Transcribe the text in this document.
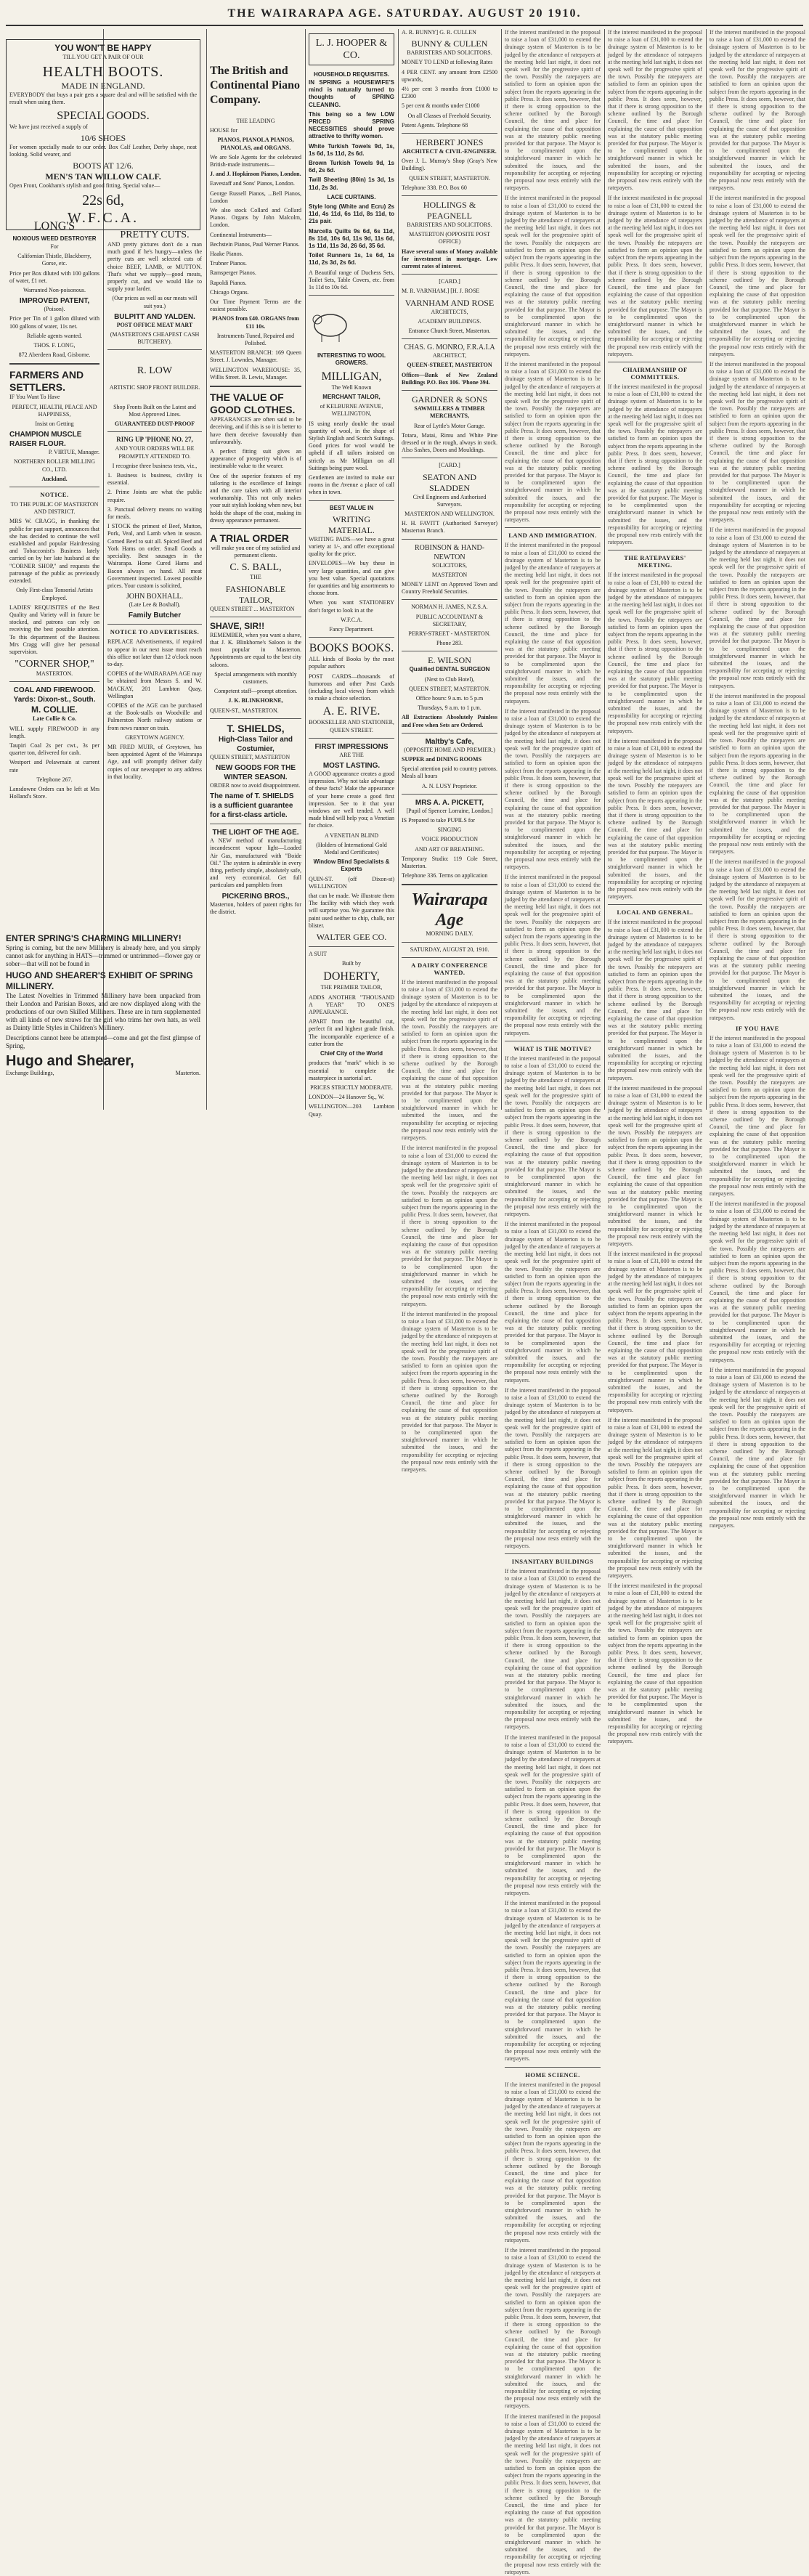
THE WAIRARAPA AGE. SATURDAY. AUGUST 20 1910.
YOU WON'T BE HAPPY
TILL YOU GET A PAIR OF OUR
HEALTH BOOTS.
MADE IN ENGLAND.
EVERYBODY that buys a pair gets a square deal and will be satisfied with the result when using them.
SPECIAL GOODS.
We have just received a supply of
10/6 SHOES
For women specially made to our order. Box Calf Leather, Derby shape, neat looking. Solid wearer, and
BOOTS AT 12/6.
MEN'S TAN WILLOW CALF.
Open Front, Cookham's stylish and good fitting, Special value—
22s 6d,
W.F.C.A.
LONG'S
NOXIOUS WEED DESTROYER
For
Californian Thistle, Blackberry, Gorse, etc.
Price per Box diluted with 100 gallons of water, £1 net.
Warranted Non-poisonous.
IMPROVED PATENT,
(Poison).
Price per Tin of 1 gallon diluted with 100 gallons of water, 11s net.
Reliable agents wanted.
THOS. F. LONG,
872 Aberdeen Road, Gisborne.
FARMERS AND SETTLERS.
IF You Want To Have
PERFECT, HEALTH, PEACE AND HAPPINESS,
Insist on Getting
CHAMPION MUSCLE RAISER FLOUR.
P. VIRTUE, Manager.
NORTHERN ROLLER MILLING CO., LTD.
Auckland.
NOTICE.
TO THE PUBLIC OF MASTERTON AND DISTRICT.
MRS W. CRAGG, in thanking the public for past support, announces that she has decided to continue the well established and popular Hairdressing and Tobacconist's Business lately carried on by her late husband at the "CORNER SHOP," and requests the patronage of the public as previously extended.
Only First-class Tonsorial Artists Employed.
LADIES' REQUISITES of the Best Quality and Variety will in future be stocked, and patrons can rely on receiving the best possible attention. To this department of the Business Mrs Cragg will give her personal supervision.
"CORNER SHOP,"
MASTERTON.
COAL AND FIREWOOD.
Yards: Dixon-st., South.
M. COLLIE.
Late Collie & Co.
WILL supply FIREWOOD in any length.
Taupiri Coal 2s per cwt., 3s per quarter ton, delivered for cash.
Westport and Pelawmain at current rate
Telephone 267.
Lansdowne Orders can be left at Mrs Holland's Store.
ENTER SPRING'S CHARMING MILLINERY!
Spring is coming, but the new Millinery is already here, and you simply cannot ask for anything in HATS—trimmed or untrimmed—flower gay or sober—that will not be found in
HUGO AND SHEARER'S EXHIBIT OF SPRING MILLINERY.
The Latest Novelties in Trimmed Millinery have been unpacked from their London and Parisian Boxes, and are now displayed along with the productions of our own Skilled Milliners. These are in turn supplemented with all kinds of new straws for the girl who trims her own hats, as well as Dainty little Styles in Children's Millinery.
Descriptions cannot here be attempted—come and get the first glimpse of Spring,
Hugo and Shearer,
Exchange Buildings,	Masterton.
PRETTY CUTS.
AND pretty pictures don't do a man much good if he's hungry—unless the pretty cuts are well selected cuts of choice BEEF, LAMB, or MUTTON. That's what we supply—good meats, properly cut, and we would like to supply your larder.
(Our prices as well as our meats will suit you.)
BULPITT AND YALDEN.
POST OFFICE MEAT MART
(MASTERTON'S CHEAPEST CASH BUTCHERY).
R. LOW
ARTISTIC SHOP FRONT BUILDER.
Shop Fronts Built on the Latest and Most Approved Lines.
GUARANTEED DUST-PROOF
RING UP 'PHONE NO. 27,
AND YOUR ORDERS WILL BE PROMPTLY ATTENDED TO.
I recognise three business tests, viz.,
1. Business is business, civility is essential.
2. Prime Joints are what the public require.
3. Punctual delivery means no waiting for meals.
I STOCK the primest of Beef, Mutton, Pork, Veal, and Lamb when in season. Corned Beef to suit all. Spiced Beef and York Hams on order. Small Goods a speciality. Best sausages in the Wairarapa. Home Cured Hams and Bacon always on hand. All meat Government inspected. Lowest possible prices. Your custom is solicited,
JOHN BOXHALL.
(Late Lee & Boxhall).
Family Butcher
NOTICE TO ADVERTISERS.
REPLACE Advertisements, if required to appear in our next issue must reach this office not later than 12 o'clock noon to-day.
COPIES of the WAIRARAPA AGE may be obtained from Messrs S. and W. MACKAY, 201 Lambton Quay, Wellington
COPIES of the AGE can be purchased at the Book-stalls on Woodville and Palmerston North railway stations or from news runner on train.
GREYTOWN AGENCY.
MR FRED MUIR, of Greytown, has been appointed Agent of the Wairarapa Age, and will promptly deliver daily copies of our newspaper to any address in that locality.
The British and Continental Piano Company.
THE LEADING
HOUSE for
PIANOS, PIANOLA PIANOS, PIANOLAS, and ORGANS.
We are Sole Agents for the celebrated British-made instruments—
J. and J. Hopkinson Pianos, London.
Eavestaff and Sons' Pianos, London.
George Russell Pianos, ...Bell Pianos, London
We also stock Collard and Collard Pianos. Organs by John Malcolm, London.
Continental Instruments—
Bechstein Pianos, Paul Werner Pianos.
Haake Pianos.
Trubner Pianos.
Ramsperger Pianos.
Rapoldi Pianos.
Chicago Organs.
Our Time Payment Terms are the easiest possible.
PIANOS from £40. ORGANS from £11 10s.
Instruments Tuned, Repaired and Polished.
MASTERTON BRANCH: 169 Queen Street. J. Lowndes, Manager.
WELLINGTON WAREHOUSE: 35, Willis Street. B. Lewis, Manager.
THE VALUE OF GOOD CLOTHES.
APPEARANCES are often said to be deceiving, and if this is so it is better to have them deceive favourably than unfavourably.
A perfect fitting suit gives an appearance of prosperity which is of inestimable value to the wearer.
One of the superior features of my tailoring is the excellence of linings and the care taken with all interior workmanship. This not only makes your suit stylish looking when new, but holds the shape of the coat, making its dressy appearance permanent.
A TRIAL ORDER
will make you one of my satisfied and permanent clients.
C. S. BALL,
THE
FASHIONABLE TAILOR,
QUEEN STREET ... MASTERTON
SHAVE, SIR!!
REMEMBER, when you want a shave, that J. K. Blinkhorne's Saloon is the most popular in Masterton. Appointments are equal to the best city saloons.
Special arrangements with monthly customers.
Competent staff—prompt attention.
J. K. BLINKHORNE,
QUEEN-ST., MASTERTON.
T. SHIELDS,
High-Class Tailor and Costumier,
QUEEN STREET, MASTERTON
NEW GOODS FOR THE WINTER SEASON.
ORDER now to avoid disappointment.
The name of T. SHIELDS is a sufficient guarantee for a first-class article.
THE LIGHT OF THE AGE.
A NEW method of manufacturing incandescent vapour light—Loaded Air Gas, manufactured with "Boide Oil." The system is admirable in every thing, perfectly simple, absolutely safe, and very economical. Get full particulars and pamphlets from
PICKERING BROS.,
Masterton, holders of patent rights for the district.
L. J. HOOPER & CO.
HOUSEHOLD REQUISITES.
IN SPRING a HOUSEWIFE'S mind is naturally turned to thoughts of SPRING CLEANING.
This being so a few LOW PRICED SPRING NECESSITIES should prove attractive to thrifty women.
White Turkish Towels 9d, 1s, 1s 6d, 1s 11d, 2s 6d.
Brown Turkish Towels 9d, 1s 6d, 2s 6d.
Twill Sheeting (80in) 1s 3d, 1s 11d, 2s 3d.
LACE CURTAINS.
Style long (White and Ecru) 2s 11d, 4s 11d, 6s 11d, 8s 11d, to 21s pair.
Marcella Quilts 9s 6d, 6s 11d, 8s 11d, 10s 6d, 11s 9d, 11s 6d, 1s 11d, 11s 3d, 26 6d, 35 6d.
Toilet Runners 1s, 1s 6d, 1s 11d, 2s 3d, 2s 6d.
A Beautiful range of Duchess Sets, Toilet Sets, Table Covers, etc. from 1s 11d to 10s 6d.
INTERESTING TO WOOL GROWERS.
MILLIGAN,
The Well Known
MERCHANT TAILOR,
of KELBURNE AVENUE, WELLINGTON,
IS using nearly double the usual quantity of wool, in the shape of Stylish English and Scotch Suitings. Good prices for wool would be upheld if all tailors insisted on strictly as Mr Milligan on all Suitings being pure wool.
Gentlemen are invited to make our rooms in the Avenue a place of call when in town.
BEST VALUE IN
WRITING MATERIAL.
WRITING PADS—we have a great variety at 1/-, and offer exceptional quality for the price.
ENVELOPES—We buy these in very large quantities, and can give you best value. Special quotations for quantities and big assortments to choose from.
When you want STATIONERY don't forget to look in at the
W.F.C.A.
Fancy Department.
BOOKS BOOKS.
ALL kinds of Books by the most popular authors
POST CARDS—thousands of humorous and other Post Cards (including local views) from which to make a choice selection.
A. E. RIVE.
BOOKSELLER AND STATIONER, QUEEN STREET.
FIRST IMPRESSIONS
ARE THE
MOST LASTING.
A GOOD appearance creates a good impression. Why not take advantage of these facts? Make the appearance of your home create a good first impression. See to it that your windows are well tended. A well made blind will help you; a Venetian for choice.
A VENETIAN BLIND
(Holders of International Gold Medal and Certificates)
Window Blind Specialists & Experts
QUIN-ST. (off Dixon-st) WELLINGTON
that can be made. We illustrate them The facility with which they work will surprise you. We guarantee this paint used neither to chip, chalk, nor blister.
WALTER GEE CO.
A SUIT
Built by
DOHERTY,
THE PREMIER TAILOR,
ADDS ANOTHER "THOUSAND A YEAR" TO ONE'S APPEARANCE.
APART from the beautiful cut, perfect fit and highest grade finish. The incomparable experience of a cutter from the
Chief City of the World
produces that "mark" which is so essential to complete the masterpiece in sartorial art.
PRICES STRICTLY MODERATE.
LONDON—24 Hanover Sq., W.
WELLINGTON—203 Lambton Quay.
A. R. BUNNY] G. R. CULLEN
BUNNY & CULLEN
BARRISTERS AND SOLICITORS.
MONEY TO LEND at following Rates
4 PER CENT. any amount from £2500 upwards,
4½ per cent 3 months from £1000 to £2300
5 per cent & months under £1000
On all Classes of Freehold Security.
Patent Agents. Telephone 68
HERBERT JONES
ARCHITECT & CIVIL-ENGINEER.
Over J. L. Murray's Shop (Gray's New Building).
QUEEN STREET, MASTERTON.
Telephone 338. P.O. Box 60
HOLLINGS & PEAGNELL
BARRISTERS AND SOLICITORS.
MASTERTON (OPPOSITE POST OFFICE)
Have several sums of Money available for investment in mortgage. Low current rates of interest.
[CARD.]
M. R. VARNHAM.] [H. J. ROSE
VARNHAM AND ROSE
ARCHITECTS,
ACADEMY BUILDINGS.
Entrance Church Street, Masterton.
CHAS. G. MONRO, F.R.A.I.A
ARCHITECT,
QUEEN-STREET, MASTERTON
Offices—Bank of New Zealand Buildings P.O. Box 106. 'Phone 394.
GARDNER & SONS
SAWMILLERS & TIMBER MERCHANTS,
Rear of Lyttle's Motor Garage.
Totara, Matai, Rimu and White Pine dressed or in the rough, always in stock. Also Sashes, Doors and Mouldings.
[CARD.]
SEATON AND SLADDEN
Civil Engineers and Authorised Surveyors.
MASTERTON AND WELLINGTON.
H. H. FAVITT (Authorised Surveyor) Masterton Branch.
ROBINSON & HAND-NEWTON
SOLICITORS,
MASTERTON
MONEY LENT on Approved Town and Country Freehold Securities.
NORMAN H. JAMES, N.Z.S.A.
PUBLIC ACCOUNTANT & SECRETARY,
PERRY-STREET - MASTERTON.
Phone 283.
E. WILSON
Qualified DENTAL SURGEON
(Next to Club Hotel),
QUEEN STREET, MASTERTON.
Office hours: 9 a.m. to 5 p.m
Thursdays, 9 a.m. to 1 p.m.
All Extractions Absolutely Painless and Free when Sets are Ordered.
Maltby's Cafe,
(OPPOSITE HOME AND PREMIER.)
SUPPER and DINING ROOMS
Special attention paid to country patrons. Meals all hours
A. N. LUSY Proprietor.
MRS A. A. PICKETT,
[Pupil of Spencer Lorraine, London.]
IS Prepared to take PUPILS for
SINGING
VOICE PRODUCTION
AND ART OF BREATHING.
Temporary Studio: 119 Cole Street, Masterton.
Telephone 336. Terms on application
Wairarapa Age
MORNING DAILY.
SATURDAY, AUGUST 20, 1910.
A DAIRY CONFERENCE WANTED.
If the interest manifested in the proposal to raise a loan of £31,000 to extend the drainage system of Masterton is to be judged by the attendance of ratepayers at the meeting held last night, it does not speak well for the progressive spirit of the town. Possibly the ratepayers are satisfied to form an opinion upon the subject from the reports appearing in the public Press. It does seem, however, that if there is strong opposition to the scheme outlined by the Borough Council, the time and place for explaining the cause of that opposition was at the statutory public meeting provided for that purpose. The Mayor is to be complimented upon the straightforward manner in which he submitted the issues, and the responsibility for accepting or rejecting the proposal now rests entirely with the ratepayers.
If the interest manifested in the proposal to raise a loan of £31,000 to extend the drainage system of Masterton is to be judged by the attendance of ratepayers at the meeting held last night, it does not speak well for the progressive spirit of the town. Possibly the ratepayers are satisfied to form an opinion upon the subject from the reports appearing in the public Press. It does seem, however, that if there is strong opposition to the scheme outlined by the Borough Council, the time and place for explaining the cause of that opposition was at the statutory public meeting provided for that purpose. The Mayor is to be complimented upon the straightforward manner in which he submitted the issues, and the responsibility for accepting or rejecting the proposal now rests entirely with the ratepayers.
If the interest manifested in the proposal to raise a loan of £31,000 to extend the drainage system of Masterton is to be judged by the attendance of ratepayers at the meeting held last night, it does not speak well for the progressive spirit of the town. Possibly the ratepayers are satisfied to form an opinion upon the subject from the reports appearing in the public Press. It does seem, however, that if there is strong opposition to the scheme outlined by the Borough Council, the time and place for explaining the cause of that opposition was at the statutory public meeting provided for that purpose. The Mayor is to be complimented upon the straightforward manner in which he submitted the issues, and the responsibility for accepting or rejecting the proposal now rests entirely with the ratepayers.
If the interest manifested in the proposal to raise a loan of £31,000 to extend the drainage system of Masterton is to be judged by the attendance of ratepayers at the meeting held last night, it does not speak well for the progressive spirit of the town. Possibly the ratepayers are satisfied to form an opinion upon the subject from the reports appearing in the public Press. It does seem, however, that if there is strong opposition to the scheme outlined by the Borough Council, the time and place for explaining the cause of that opposition was at the statutory public meeting provided for that purpose. The Mayor is to be complimented upon the straightforward manner in which he submitted the issues, and the responsibility for accepting or rejecting the proposal now rests entirely with the ratepayers.
If the interest manifested in the proposal to raise a loan of £31,000 to extend the drainage system of Masterton is to be judged by the attendance of ratepayers at the meeting held last night, it does not speak well for the progressive spirit of the town. Possibly the ratepayers are satisfied to form an opinion upon the subject from the reports appearing in the public Press. It does seem, however, that if there is strong opposition to the scheme outlined by the Borough Council, the time and place for explaining the cause of that opposition was at the statutory public meeting provided for that purpose. The Mayor is to be complimented upon the straightforward manner in which he submitted the issues, and the responsibility for accepting or rejecting the proposal now rests entirely with the ratepayers.
If the interest manifested in the proposal to raise a loan of £31,000 to extend the drainage system of Masterton is to be judged by the attendance of ratepayers at the meeting held last night, it does not speak well for the progressive spirit of the town. Possibly the ratepayers are satisfied to form an opinion upon the subject from the reports appearing in the public Press. It does seem, however, that if there is strong opposition to the scheme outlined by the Borough Council, the time and place for explaining the cause of that opposition was at the statutory public meeting provided for that purpose. The Mayor is to be complimented upon the straightforward manner in which he submitted the issues, and the responsibility for accepting or rejecting the proposal now rests entirely with the ratepayers.
LAND AND IMMIGRATION.
If the interest manifested in the proposal to raise a loan of £31,000 to extend the drainage system of Masterton is to be judged by the attendance of ratepayers at the meeting held last night, it does not speak well for the progressive spirit of the town. Possibly the ratepayers are satisfied to form an opinion upon the subject from the reports appearing in the public Press. It does seem, however, that if there is strong opposition to the scheme outlined by the Borough Council, the time and place for explaining the cause of that opposition was at the statutory public meeting provided for that purpose. The Mayor is to be complimented upon the straightforward manner in which he submitted the issues, and the responsibility for accepting or rejecting the proposal now rests entirely with the ratepayers.
If the interest manifested in the proposal to raise a loan of £31,000 to extend the drainage system of Masterton is to be judged by the attendance of ratepayers at the meeting held last night, it does not speak well for the progressive spirit of the town. Possibly the ratepayers are satisfied to form an opinion upon the subject from the reports appearing in the public Press. It does seem, however, that if there is strong opposition to the scheme outlined by the Borough Council, the time and place for explaining the cause of that opposition was at the statutory public meeting provided for that purpose. The Mayor is to be complimented upon the straightforward manner in which he submitted the issues, and the responsibility for accepting or rejecting the proposal now rests entirely with the ratepayers.
If the interest manifested in the proposal to raise a loan of £31,000 to extend the drainage system of Masterton is to be judged by the attendance of ratepayers at the meeting held last night, it does not speak well for the progressive spirit of the town. Possibly the ratepayers are satisfied to form an opinion upon the subject from the reports appearing in the public Press. It does seem, however, that if there is strong opposition to the scheme outlined by the Borough Council, the time and place for explaining the cause of that opposition was at the statutory public meeting provided for that purpose. The Mayor is to be complimented upon the straightforward manner in which he submitted the issues, and the responsibility for accepting or rejecting the proposal now rests entirely with the ratepayers.
WHAT IS THE MOTIVE?
If the interest manifested in the proposal to raise a loan of £31,000 to extend the drainage system of Masterton is to be judged by the attendance of ratepayers at the meeting held last night, it does not speak well for the progressive spirit of the town. Possibly the ratepayers are satisfied to form an opinion upon the subject from the reports appearing in the public Press. It does seem, however, that if there is strong opposition to the scheme outlined by the Borough Council, the time and place for explaining the cause of that opposition was at the statutory public meeting provided for that purpose. The Mayor is to be complimented upon the straightforward manner in which he submitted the issues, and the responsibility for accepting or rejecting the proposal now rests entirely with the ratepayers.
If the interest manifested in the proposal to raise a loan of £31,000 to extend the drainage system of Masterton is to be judged by the attendance of ratepayers at the meeting held last night, it does not speak well for the progressive spirit of the town. Possibly the ratepayers are satisfied to form an opinion upon the subject from the reports appearing in the public Press. It does seem, however, that if there is strong opposition to the scheme outlined by the Borough Council, the time and place for explaining the cause of that opposition was at the statutory public meeting provided for that purpose. The Mayor is to be complimented upon the straightforward manner in which he submitted the issues, and the responsibility for accepting or rejecting the proposal now rests entirely with the ratepayers.
If the interest manifested in the proposal to raise a loan of £31,000 to extend the drainage system of Masterton is to be judged by the attendance of ratepayers at the meeting held last night, it does not speak well for the progressive spirit of the town. Possibly the ratepayers are satisfied to form an opinion upon the subject from the reports appearing in the public Press. It does seem, however, that if there is strong opposition to the scheme outlined by the Borough Council, the time and place for explaining the cause of that opposition was at the statutory public meeting provided for that purpose. The Mayor is to be complimented upon the straightforward manner in which he submitted the issues, and the responsibility for accepting or rejecting the proposal now rests entirely with the ratepayers.
INSANITARY BUILDINGS
If the interest manifested in the proposal to raise a loan of £31,000 to extend the drainage system of Masterton is to be judged by the attendance of ratepayers at the meeting held last night, it does not speak well for the progressive spirit of the town. Possibly the ratepayers are satisfied to form an opinion upon the subject from the reports appearing in the public Press. It does seem, however, that if there is strong opposition to the scheme outlined by the Borough Council, the time and place for explaining the cause of that opposition was at the statutory public meeting provided for that purpose. The Mayor is to be complimented upon the straightforward manner in which he submitted the issues, and the responsibility for accepting or rejecting the proposal now rests entirely with the ratepayers.
If the interest manifested in the proposal to raise a loan of £31,000 to extend the drainage system of Masterton is to be judged by the attendance of ratepayers at the meeting held last night, it does not speak well for the progressive spirit of the town. Possibly the ratepayers are satisfied to form an opinion upon the subject from the reports appearing in the public Press. It does seem, however, that if there is strong opposition to the scheme outlined by the Borough Council, the time and place for explaining the cause of that opposition was at the statutory public meeting provided for that purpose. The Mayor is to be complimented upon the straightforward manner in which he submitted the issues, and the responsibility for accepting or rejecting the proposal now rests entirely with the ratepayers.
If the interest manifested in the proposal to raise a loan of £31,000 to extend the drainage system of Masterton is to be judged by the attendance of ratepayers at the meeting held last night, it does not speak well for the progressive spirit of the town. Possibly the ratepayers are satisfied to form an opinion upon the subject from the reports appearing in the public Press. It does seem, however, that if there is strong opposition to the scheme outlined by the Borough Council, the time and place for explaining the cause of that opposition was at the statutory public meeting provided for that purpose. The Mayor is to be complimented upon the straightforward manner in which he submitted the issues, and the responsibility for accepting or rejecting the proposal now rests entirely with the ratepayers.
HOME SCIENCE.
If the interest manifested in the proposal to raise a loan of £31,000 to extend the drainage system of Masterton is to be judged by the attendance of ratepayers at the meeting held last night, it does not speak well for the progressive spirit of the town. Possibly the ratepayers are satisfied to form an opinion upon the subject from the reports appearing in the public Press. It does seem, however, that if there is strong opposition to the scheme outlined by the Borough Council, the time and place for explaining the cause of that opposition was at the statutory public meeting provided for that purpose. The Mayor is to be complimented upon the straightforward manner in which he submitted the issues, and the responsibility for accepting or rejecting the proposal now rests entirely with the ratepayers.
If the interest manifested in the proposal to raise a loan of £31,000 to extend the drainage system of Masterton is to be judged by the attendance of ratepayers at the meeting held last night, it does not speak well for the progressive spirit of the town. Possibly the ratepayers are satisfied to form an opinion upon the subject from the reports appearing in the public Press. It does seem, however, that if there is strong opposition to the scheme outlined by the Borough Council, the time and place for explaining the cause of that opposition was at the statutory public meeting provided for that purpose. The Mayor is to be complimented upon the straightforward manner in which he submitted the issues, and the responsibility for accepting or rejecting the proposal now rests entirely with the ratepayers.
If the interest manifested in the proposal to raise a loan of £31,000 to extend the drainage system of Masterton is to be judged by the attendance of ratepayers at the meeting held last night, it does not speak well for the progressive spirit of the town. Possibly the ratepayers are satisfied to form an opinion upon the subject from the reports appearing in the public Press. It does seem, however, that if there is strong opposition to the scheme outlined by the Borough Council, the time and place for explaining the cause of that opposition was at the statutory public meeting provided for that purpose. The Mayor is to be complimented upon the straightforward manner in which he submitted the issues, and the responsibility for accepting or rejecting the proposal now rests entirely with the ratepayers.
If the interest manifested in the proposal to raise a loan of £31,000 to extend the drainage system of Masterton is to be judged by the attendance of ratepayers at the meeting held last night, it does not speak well for the progressive spirit of the town. Possibly the ratepayers are satisfied to form an opinion upon the subject from the reports appearing in the public Press. It does seem, however, that if there is strong opposition to the scheme outlined by the Borough Council, the time and place for explaining the cause of that opposition was at the statutory public meeting provided for that purpose. The Mayor is to be complimented upon the straightforward manner in which he submitted the issues, and the responsibility for accepting or rejecting the proposal now rests entirely with the ratepayers.
If the interest manifested in the proposal to raise a loan of £31,000 to extend the drainage system of Masterton is to be judged by the attendance of ratepayers at the meeting held last night, it does not speak well for the progressive spirit of the town. Possibly the ratepayers are satisfied to form an opinion upon the subject from the reports appearing in the public Press. It does seem, however, that if there is strong opposition to the scheme outlined by the Borough Council, the time and place for explaining the cause of that opposition was at the statutory public meeting provided for that purpose. The Mayor is to be complimented upon the straightforward manner in which he submitted the issues, and the responsibility for accepting or rejecting the proposal now rests entirely with the ratepayers.
CHAIRMANSHIP OF COMMITTEES.
If the interest manifested in the proposal to raise a loan of £31,000 to extend the drainage system of Masterton is to be judged by the attendance of ratepayers at the meeting held last night, it does not speak well for the progressive spirit of the town. Possibly the ratepayers are satisfied to form an opinion upon the subject from the reports appearing in the public Press. It does seem, however, that if there is strong opposition to the scheme outlined by the Borough Council, the time and place for explaining the cause of that opposition was at the statutory public meeting provided for that purpose. The Mayor is to be complimented upon the straightforward manner in which he submitted the issues, and the responsibility for accepting or rejecting the proposal now rests entirely with the ratepayers.
THE RATEPAYERS' MEETING.
If the interest manifested in the proposal to raise a loan of £31,000 to extend the drainage system of Masterton is to be judged by the attendance of ratepayers at the meeting held last night, it does not speak well for the progressive spirit of the town. Possibly the ratepayers are satisfied to form an opinion upon the subject from the reports appearing in the public Press. It does seem, however, that if there is strong opposition to the scheme outlined by the Borough Council, the time and place for explaining the cause of that opposition was at the statutory public meeting provided for that purpose. The Mayor is to be complimented upon the straightforward manner in which he submitted the issues, and the responsibility for accepting or rejecting the proposal now rests entirely with the ratepayers.
If the interest manifested in the proposal to raise a loan of £31,000 to extend the drainage system of Masterton is to be judged by the attendance of ratepayers at the meeting held last night, it does not speak well for the progressive spirit of the town. Possibly the ratepayers are satisfied to form an opinion upon the subject from the reports appearing in the public Press. It does seem, however, that if there is strong opposition to the scheme outlined by the Borough Council, the time and place for explaining the cause of that opposition was at the statutory public meeting provided for that purpose. The Mayor is to be complimented upon the straightforward manner in which he submitted the issues, and the responsibility for accepting or rejecting the proposal now rests entirely with the ratepayers.
LOCAL AND GENERAL.
If the interest manifested in the proposal to raise a loan of £31,000 to extend the drainage system of Masterton is to be judged by the attendance of ratepayers at the meeting held last night, it does not speak well for the progressive spirit of the town. Possibly the ratepayers are satisfied to form an opinion upon the subject from the reports appearing in the public Press. It does seem, however, that if there is strong opposition to the scheme outlined by the Borough Council, the time and place for explaining the cause of that opposition was at the statutory public meeting provided for that purpose. The Mayor is to be complimented upon the straightforward manner in which he submitted the issues, and the responsibility for accepting or rejecting the proposal now rests entirely with the ratepayers.
If the interest manifested in the proposal to raise a loan of £31,000 to extend the drainage system of Masterton is to be judged by the attendance of ratepayers at the meeting held last night, it does not speak well for the progressive spirit of the town. Possibly the ratepayers are satisfied to form an opinion upon the subject from the reports appearing in the public Press. It does seem, however, that if there is strong opposition to the scheme outlined by the Borough Council, the time and place for explaining the cause of that opposition was at the statutory public meeting provided for that purpose. The Mayor is to be complimented upon the straightforward manner in which he submitted the issues, and the responsibility for accepting or rejecting the proposal now rests entirely with the ratepayers.
If the interest manifested in the proposal to raise a loan of £31,000 to extend the drainage system of Masterton is to be judged by the attendance of ratepayers at the meeting held last night, it does not speak well for the progressive spirit of the town. Possibly the ratepayers are satisfied to form an opinion upon the subject from the reports appearing in the public Press. It does seem, however, that if there is strong opposition to the scheme outlined by the Borough Council, the time and place for explaining the cause of that opposition was at the statutory public meeting provided for that purpose. The Mayor is to be complimented upon the straightforward manner in which he submitted the issues, and the responsibility for accepting or rejecting the proposal now rests entirely with the ratepayers.
If the interest manifested in the proposal to raise a loan of £31,000 to extend the drainage system of Masterton is to be judged by the attendance of ratepayers at the meeting held last night, it does not speak well for the progressive spirit of the town. Possibly the ratepayers are satisfied to form an opinion upon the subject from the reports appearing in the public Press. It does seem, however, that if there is strong opposition to the scheme outlined by the Borough Council, the time and place for explaining the cause of that opposition was at the statutory public meeting provided for that purpose. The Mayor is to be complimented upon the straightforward manner in which he submitted the issues, and the responsibility for accepting or rejecting the proposal now rests entirely with the ratepayers.
If the interest manifested in the proposal to raise a loan of £31,000 to extend the drainage system of Masterton is to be judged by the attendance of ratepayers at the meeting held last night, it does not speak well for the progressive spirit of the town. Possibly the ratepayers are satisfied to form an opinion upon the subject from the reports appearing in the public Press. It does seem, however, that if there is strong opposition to the scheme outlined by the Borough Council, the time and place for explaining the cause of that opposition was at the statutory public meeting provided for that purpose. The Mayor is to be complimented upon the straightforward manner in which he submitted the issues, and the responsibility for accepting or rejecting the proposal now rests entirely with the ratepayers.
If the interest manifested in the proposal to raise a loan of £31,000 to extend the drainage system of Masterton is to be judged by the attendance of ratepayers at the meeting held last night, it does not speak well for the progressive spirit of the town. Possibly the ratepayers are satisfied to form an opinion upon the subject from the reports appearing in the public Press. It does seem, however, that if there is strong opposition to the scheme outlined by the Borough Council, the time and place for explaining the cause of that opposition was at the statutory public meeting provided for that purpose. The Mayor is to be complimented upon the straightforward manner in which he submitted the issues, and the responsibility for accepting or rejecting the proposal now rests entirely with the ratepayers.
If the interest manifested in the proposal to raise a loan of £31,000 to extend the drainage system of Masterton is to be judged by the attendance of ratepayers at the meeting held last night, it does not speak well for the progressive spirit of the town. Possibly the ratepayers are satisfied to form an opinion upon the subject from the reports appearing in the public Press. It does seem, however, that if there is strong opposition to the scheme outlined by the Borough Council, the time and place for explaining the cause of that opposition was at the statutory public meeting provided for that purpose. The Mayor is to be complimented upon the straightforward manner in which he submitted the issues, and the responsibility for accepting or rejecting the proposal now rests entirely with the ratepayers.
If the interest manifested in the proposal to raise a loan of £31,000 to extend the drainage system of Masterton is to be judged by the attendance of ratepayers at the meeting held last night, it does not speak well for the progressive spirit of the town. Possibly the ratepayers are satisfied to form an opinion upon the subject from the reports appearing in the public Press. It does seem, however, that if there is strong opposition to the scheme outlined by the Borough Council, the time and place for explaining the cause of that opposition was at the statutory public meeting provided for that purpose. The Mayor is to be complimented upon the straightforward manner in which he submitted the issues, and the responsibility for accepting or rejecting the proposal now rests entirely with the ratepayers.
If the interest manifested in the proposal to raise a loan of £31,000 to extend the drainage system of Masterton is to be judged by the attendance of ratepayers at the meeting held last night, it does not speak well for the progressive spirit of the town. Possibly the ratepayers are satisfied to form an opinion upon the subject from the reports appearing in the public Press. It does seem, however, that if there is strong opposition to the scheme outlined by the Borough Council, the time and place for explaining the cause of that opposition was at the statutory public meeting provided for that purpose. The Mayor is to be complimented upon the straightforward manner in which he submitted the issues, and the responsibility for accepting or rejecting the proposal now rests entirely with the ratepayers.
If the interest manifested in the proposal to raise a loan of £31,000 to extend the drainage system of Masterton is to be judged by the attendance of ratepayers at the meeting held last night, it does not speak well for the progressive spirit of the town. Possibly the ratepayers are satisfied to form an opinion upon the subject from the reports appearing in the public Press. It does seem, however, that if there is strong opposition to the scheme outlined by the Borough Council, the time and place for explaining the cause of that opposition was at the statutory public meeting provided for that purpose. The Mayor is to be complimented upon the straightforward manner in which he submitted the issues, and the responsibility for accepting or rejecting the proposal now rests entirely with the ratepayers.
If the interest manifested in the proposal to raise a loan of £31,000 to extend the drainage system of Masterton is to be judged by the attendance of ratepayers at the meeting held last night, it does not speak well for the progressive spirit of the town. Possibly the ratepayers are satisfied to form an opinion upon the subject from the reports appearing in the public Press. It does seem, however, that if there is strong opposition to the scheme outlined by the Borough Council, the time and place for explaining the cause of that opposition was at the statutory public meeting provided for that purpose. The Mayor is to be complimented upon the straightforward manner in which he submitted the issues, and the responsibility for accepting or rejecting the proposal now rests entirely with the ratepayers.
IF YOU HAVE
If the interest manifested in the proposal to raise a loan of £31,000 to extend the drainage system of Masterton is to be judged by the attendance of ratepayers at the meeting held last night, it does not speak well for the progressive spirit of the town. Possibly the ratepayers are satisfied to form an opinion upon the subject from the reports appearing in the public Press. It does seem, however, that if there is strong opposition to the scheme outlined by the Borough Council, the time and place for explaining the cause of that opposition was at the statutory public meeting provided for that purpose. The Mayor is to be complimented upon the straightforward manner in which he submitted the issues, and the responsibility for accepting or rejecting the proposal now rests entirely with the ratepayers.
If the interest manifested in the proposal to raise a loan of £31,000 to extend the drainage system of Masterton is to be judged by the attendance of ratepayers at the meeting held last night, it does not speak well for the progressive spirit of the town. Possibly the ratepayers are satisfied to form an opinion upon the subject from the reports appearing in the public Press. It does seem, however, that if there is strong opposition to the scheme outlined by the Borough Council, the time and place for explaining the cause of that opposition was at the statutory public meeting provided for that purpose. The Mayor is to be complimented upon the straightforward manner in which he submitted the issues, and the responsibility for accepting or rejecting the proposal now rests entirely with the ratepayers.
If the interest manifested in the proposal to raise a loan of £31,000 to extend the drainage system of Masterton is to be judged by the attendance of ratepayers at the meeting held last night, it does not speak well for the progressive spirit of the town. Possibly the ratepayers are satisfied to form an opinion upon the subject from the reports appearing in the public Press. It does seem, however, that if there is strong opposition to the scheme outlined by the Borough Council, the time and place for explaining the cause of that opposition was at the statutory public meeting provided for that purpose. The Mayor is to be complimented upon the straightforward manner in which he submitted the issues, and the responsibility for accepting or rejecting the proposal now rests entirely with the ratepayers.
